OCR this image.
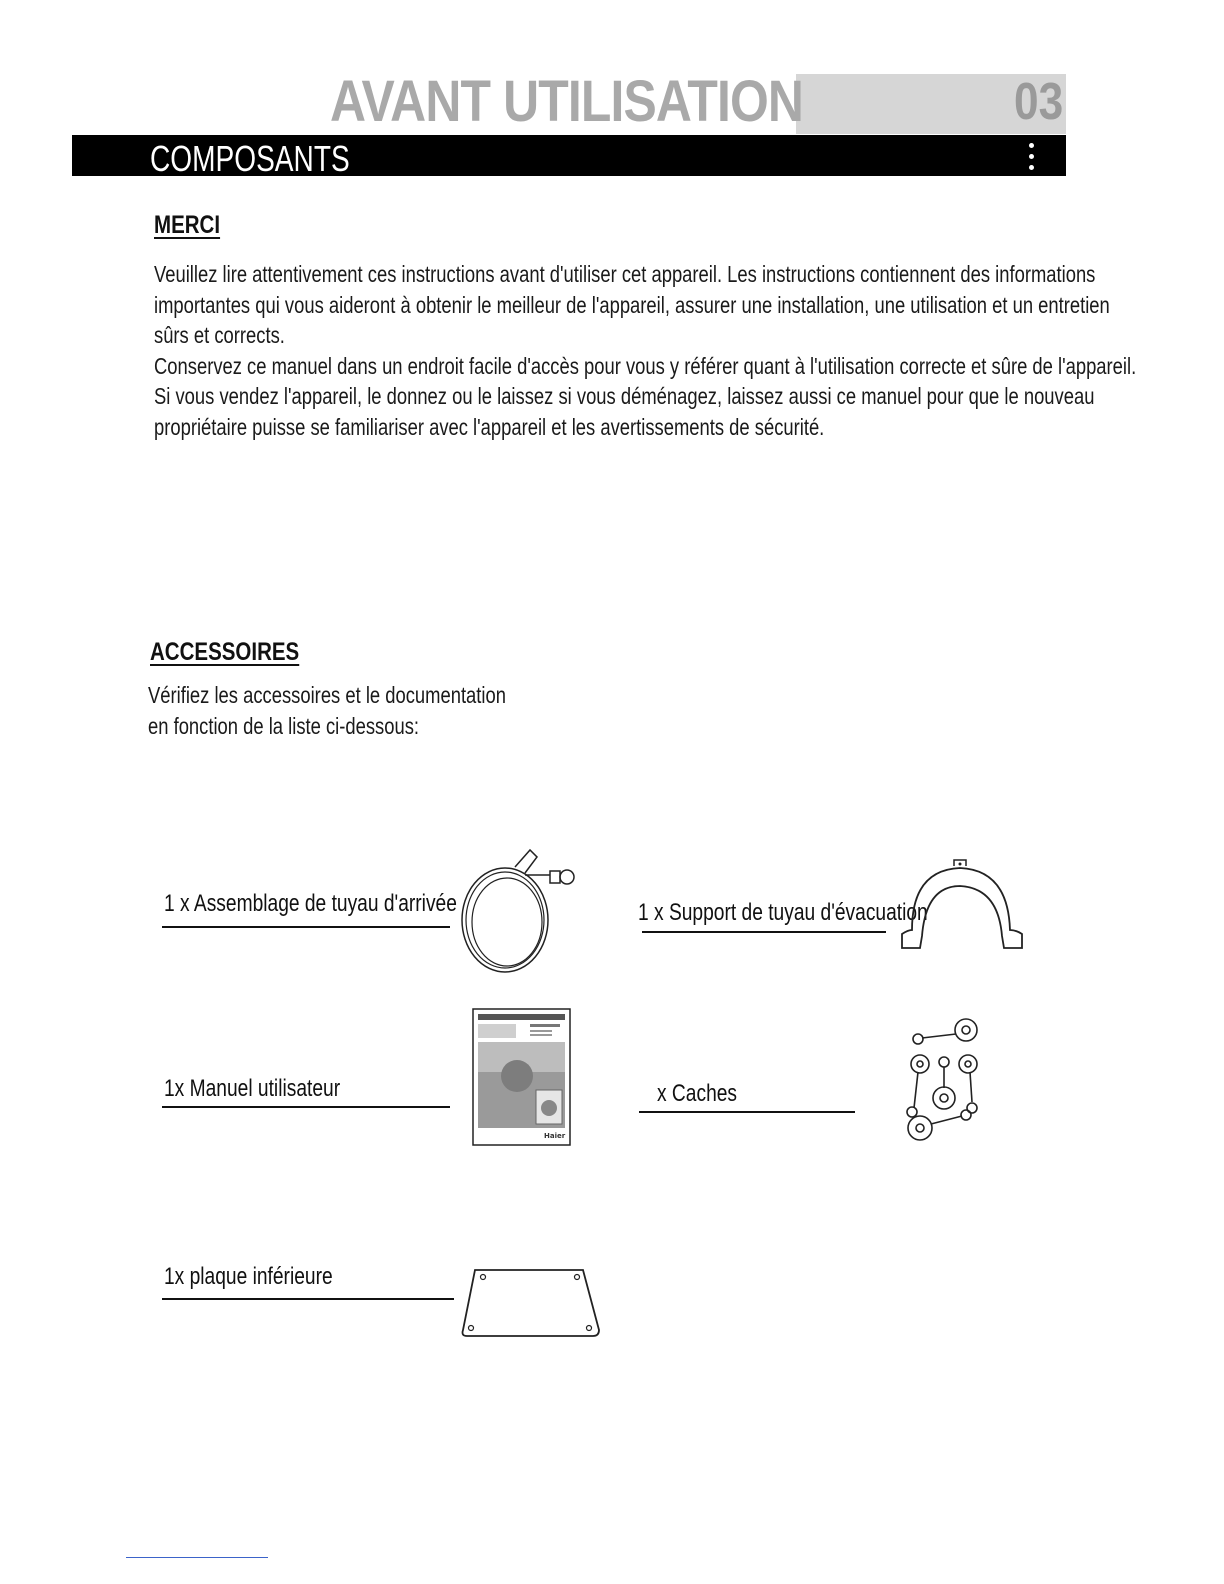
AVANT UTILISATION	03
COMPOSANTS
MERCI
Veuillez lire attentivement ces instructions avant d'utiliser cet appareil. Les instructions contiennent des informations
importantes qui vous aideront à obtenir le meilleur de l'appareil, assurer une installation, une utilisation et un entretien
sûrs et corrects.
Conservez ce manuel dans un endroit facile d'accès pour vous y référer quant à l'utilisation correcte et sûre de l'appareil.
Si vous vendez l'appareil, le donnez ou le laissez si vous déménagez, laissez aussi ce manuel pour que le nouveau
propriétaire puisse se familiariser avec l'appareil et les avertissements de sécurité.
ACCESSOIRES
Vérifiez les accessoires et le documentation
en fonction de la liste ci-dessous:
1 x Assemblage de tuyau d'arrivée	1 x Support de tuyau d'évacuation
1x Manuel utilisateur
Haier
x Caches
1x plaque inférieure
